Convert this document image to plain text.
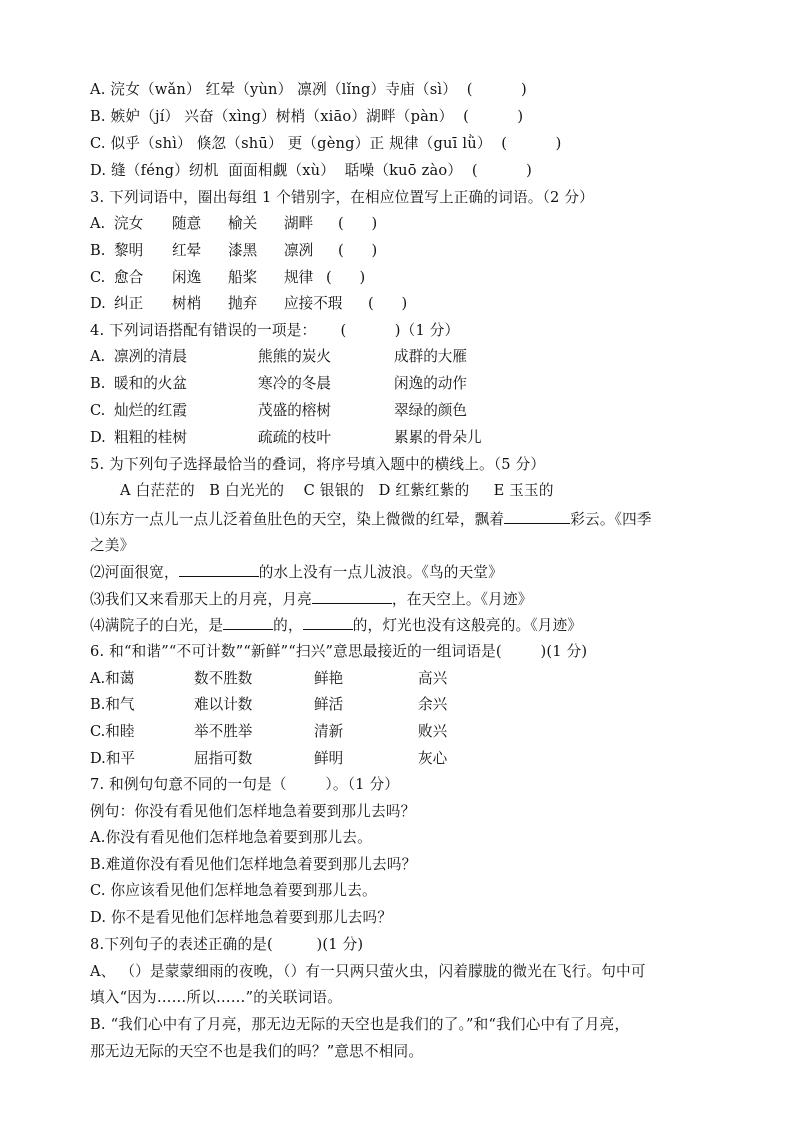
A. 浣女（wǎn） 红晕（yùn） 凛冽（lǐng）寺庙（sì）  (          )
B. 嫉妒（jí） 兴奋（xìng）树梢（xiāo）湖畔（pàn）  (          )
C. 似乎（shì） 倏忽（shū） 更（gèng）正 规律（guī lǜ）  (          )
D. 缝（féng）纫机  面面相觑（xù）  聒噪（kuō zào）  (          )
3. 下列词语中，圈出每组 1 个错别字，在相应位置写上正确的词语。（2 分）
A. 浣女 随意 榆关 湖畔 (      )
B. 黎明 红晕 漆黑 凛冽 (      )
C. 愈合 闲逸 船桨 规律 (      )
D. 纠正 树梢 抛弃 应接不瑕 (      )
4. 下列词语搭配有错误的一项是：     (          )（1 分）
A. 凛冽的清晨	熊熊的炭火	成群的大雁
B. 暖和的火盆	寒冷的冬晨	闲逸的动作
C. 灿烂的红霞	茂盛的榕树	翠绿的颜色
D. 粗粗的桂树	疏疏的枝叶	累累的骨朵儿
5. 为下列句子选择最恰当的叠词，将序号填入题中的横线上。（5 分）
A 白茫茫的   B 白光光的    C 银银的   D 红紫红紫的     E 玉玉的
⑴东方一点儿一点儿泛着鱼肚色的天空，染上微微的红晕，飘着	彩云。《四季
之美》
⑵河面很宽，	的水上没有一点儿波浪。《鸟的天堂》
⑶我们又来看那天上的月亮，月亮	，在天空上。《月迹》
⑷满院子的白光，是	的，	的，灯光也没有这般亮的。《月迹》
6. 和“和谐”“不可计数”“新鲜”“扫兴”意思最接近的一组词语是(        )(1 分)
A.和蔼	数不胜数	鲜艳	高兴
B.和气	难以计数	鲜活	余兴
C.和睦	举不胜举	清新	败兴
D.和平	屈指可数	鲜明	灰心
7. 和例句句意不同的一句是（        ）。（1 分）
例句：你没有看见他们怎样地急着要到那儿去吗？
A.你没有看见他们怎样地急着要到那儿去。
B.难道你没有看见他们怎样地急着要到那儿去吗？
C. 你应该看见他们怎样地急着要到那儿去。
D. 你不是看见他们怎样地急着要到那儿去吗？
8.下列句子的表述正确的是(         )(1 分)
A、 （）是蒙蒙细雨的夜晚，（）有一只两只萤火虫，闪着朦胧的微光在飞行。句中可
填入“因为……所以……”的关联词语。
B. “我们心中有了月亮，那无边无际的天空也是我们的了。”和“我们心中有了月亮，
那无边无际的天空不也是我们的吗？”意思不相同。
